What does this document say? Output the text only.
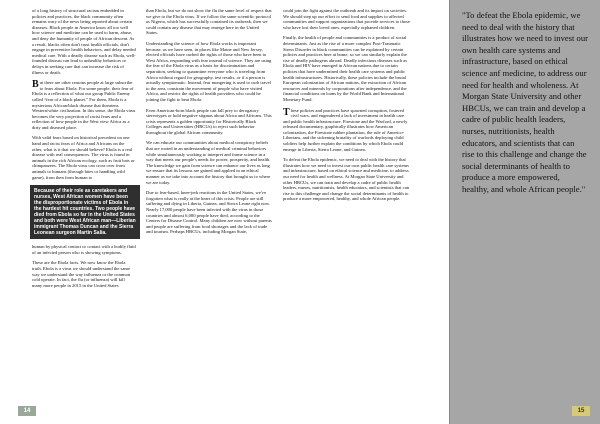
of a long history of structural racism embedded in policies and practices, the black community often remains wary of the news being reported about certain diseases. Black people in America know all too well how science and medicine can be used to harm, abuse, and deny the humanity of people of African descent. As a result, blacks often don't trust health officials, don't engage in preventive health behaviors, and delay needed medical care. With a deadly disease such as Ebola, well-founded distrust can lead to unhealthy behaviors or delays in seeking care that can increase the risk of illness or death.

But there are other reasons people at large subscribe to fears about Ebola. For some people, their fear of Ebola is a reflection of what our group Public Enemy called “fear of a black planet.” For them, Ebola is a mysterious African/black disease that threatens Western/white civilization. In this sense, the Ebola virus becomes the very projection of racist fears and a reflection of how people in the West view Africa as a dirty and diseased place.

With valid fears based on historical precedent on one hand and racist fears of Africa and Africans on the other, what is it that we should believe? Ebola is a real disease with real consequences. The virus is found in animals in the rich African ecology, such as fruit bats or chimpanzees. The Ebola virus can cross over from animals to humans (through bites or handling wild game), from then from human to

Because of their role as caretakers and nurses, West African women have been the disproportionate victims of Ebola in the hardest hit countries. Two people have died from Ebola so far in the United States and both were West African man—Liberian immigrant Thomas Duncan and the Sierra Leonean surgeon Martin Salia.

human by physical contact or contact with a bodily fluid of an infected person who is showing symptoms.

These are the Ebola facts. We now know the Ebola truth. Ebola is a virus we should understand the same way we understand the way influenza or the common cold operate. In fact, the flu (or influenza) will kill many more people in 2015 in the United States

than Ebola, but we do not show the flu the same level of respect that we give to the Ebola virus. If we follow the same scientific protocol as Nigeria, which has successfully contained its outbreak, then we could contain any disease that may emerge here in the United States.

Understanding the science of how Ebola works is important because, as we have seen, in places like Maine and New Jersey, elected officials have curbed the rights of those who have been to West Africa, responding with fear instead of science. They are using the fear of the Ebola virus as a basis for discrimination and separation, seeking to quarantine everyone who is traveling from Africa without regard for geography, test results, or if a person is actually symptomatic. Instead, fear mongering is used to curb travel to the area, constrain the movement of people who have visited Africa, and restrict the rights of health providers who could be joining the fight to beat Ebola.

Even American-born black people can fall prey to derogatory stereotypes or hold negative stigmas about Africa and Africans. This crisis represents a golden opportunity for Historically Black Colleges and Universities (HBCUs) to reject such behavior throughout the global African community.

We can educate our communities about medical conspiracy beliefs that are rooted in an understanding of medical criminal behaviors while simultaneously working to interpret and frame science in a way that meets our people's needs for power, prosperity, and health. The knowledge we gain from science can enhance our lives as long we ensure that its lessons are gained and applied in an ethical manner as we take into account the history that brought us to where we are today.

Due to fear-based, knee-jerk reactions in the United States, we've forgotten what is really at the heart of this crisis. People are still suffering and dying in Liberia, Guinea, and Sierra Leone right now. Nearly 17,000 people have been infected with the virus in those countries and almost 6,000 people have died, according to the Centers for Disease Control. Many children are now without parents and people are suffering from food shortages and the lack of trade and tourism. Perhaps HBCUs, including Morgan State,

could join the fight against the outbreak and its impact on societies. We should step up our effort to send food and supplies to affected communities and support organizations that provide services to those who have lost their loved ones, especially orphaned children.

Finally, the health of people and communities is a product of social determinants. Just as the rise of a more complex Post-Traumatic Stress Disorder in black communities can be explained by certain policies and practices here at home, so we can similarly explain the rise of deadly pathogens abroad. Deadly infectious diseases such as Ebola and HIV have emerged in African nations due to certain policies that have undermined their health care systems and public health infrastructures. Historically, these policies include the brutal European colonization of African nations, the extraction of African resources and minerals by corporations after independence, and the financial conditions on loans by the World Bank and International Monetary Fund.

These policies and practices have spawned corruption, fostered civil wars, and engendered a lack of investment in health care and public health infrastructure. Firestone and the Warford, a newly released documentary, graphically illustrates how American colonization, the Firestone rubber plantation, the rule of Americo-Liberians, and the sickening brutality of warlords deploying child soldiers help further explain the conditions by which Ebola could emerge in Liberia, Sierra Leone, and Guinea.

To defeat the Ebola epidemic, we need to deal with the history that illustrates how we need to invest our own public health care systems and infrastructure, based on ethical science and medicine, to address our need for health and wellness. At Morgan State University and other HBCUs, we can train and develop a cadre of public health leaders, nurses, nutritionists, health educators, and scientists that can rise to this challenge and change the social determinants of health to produce a more empowered, healthy, and whole African people.

14
"To defeat the Ebola epidemic, we need to deal with the history that illustrates how we need to invest our own health care systems and infrastructure, based on ethical science anf medicine, to address our need for health and wholeness. At Morgan State University and other HBCUs, we can train and develop a cadre of public health leaders, nurses, nutritionists, health educators, and scientists that can rise to this challenge and change the social determinants of health to produce a more empowered, healthy, and whole African people."
15
